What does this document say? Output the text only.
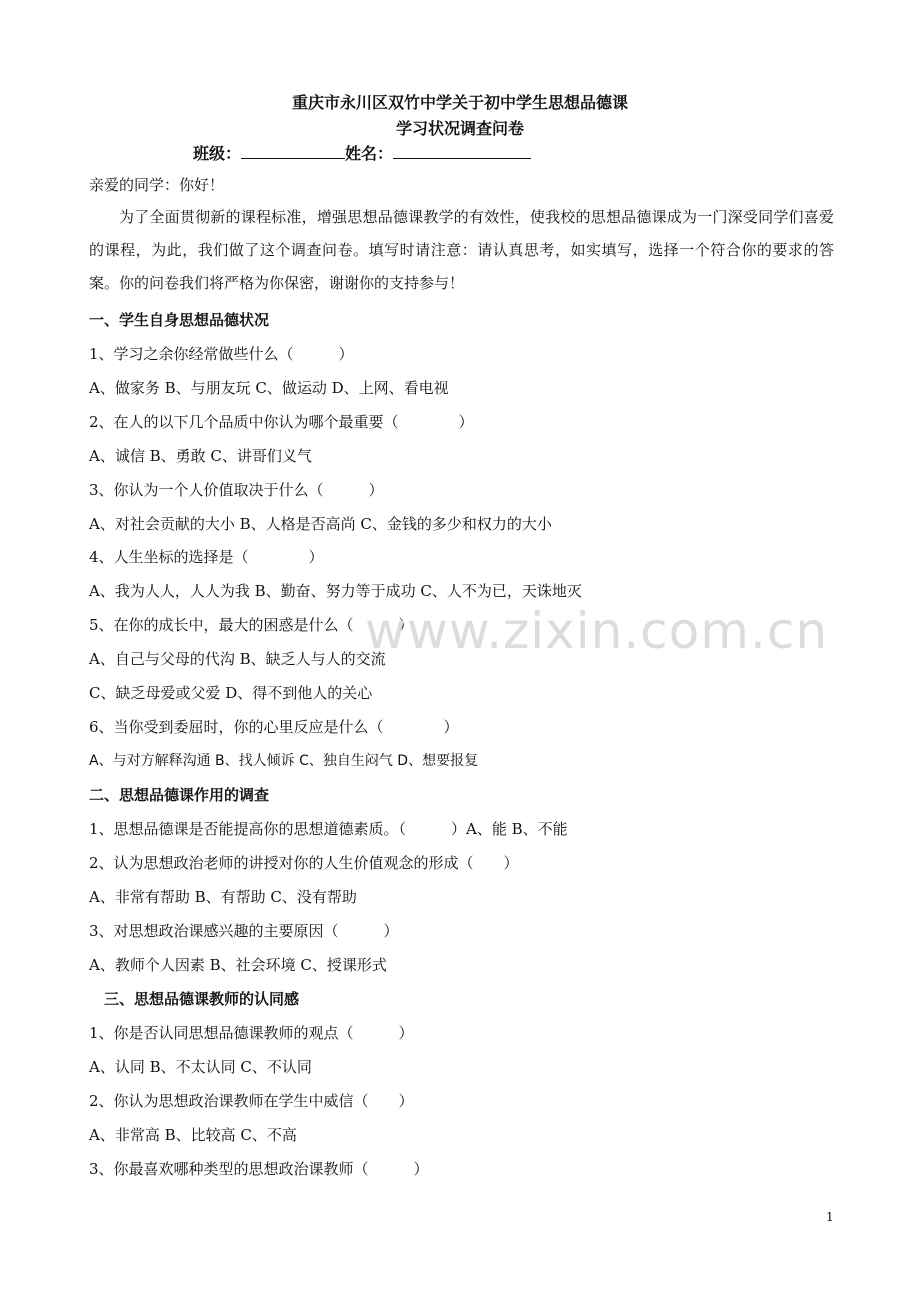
重庆市永川区双竹中学关于初中学生思想品德课
学习状况调查问卷
班级：	姓名：
亲爱的同学：你好！
为了全面贯彻新的课程标准，增强思想品德课教学的有效性，使我校的思想品德课成为一门深受同学们喜爱的课程，为此，我们做了这个调查问卷。填写时请注意：请认真思考，如实填写，选择一个符合你的要求的答案。你的问卷我们将严格为你保密，谢谢你的支持参与！
一、学生自身思想品德状况
1、学习之余你经常做些什么（　　　）
A、做家务 B、与朋友玩 C、做运动 D、上网、看电视
2、在人的以下几个品质中你认为哪个最重要（　　　　）
A、诚信 B、勇敢 C、讲哥们义气
3、你认为一个人价值取决于什么（　　　）
A、对社会贡献的大小 B、人格是否高尚 C、金钱的多少和权力的大小
4、人生坐标的选择是（　　　　）
A、我为人人，人人为我 B、勤奋、努力等于成功 C、人不为已，天诛地灭
5、在你的成长中，最大的困惑是什么（　　　）
A、自己与父母的代沟 B、缺乏人与人的交流
C、缺乏母爱或父爱 D、得不到他人的关心
6、当你受到委屈时，你的心里反应是什么（　　　　）
A、与对方解释沟通 B、找人倾诉 C、独自生闷气 D、想要报复
二、思想品德课作用的调查
1、思想品德课是否能提高你的思想道德素质。（　　　）A、能 B、不能
2、认为思想政治老师的讲授对你的人生价值观念的形成（　　）
A、非常有帮助 B、有帮助 C、没有帮助
3、对思想政治课感兴趣的主要原因（　　　）
A、教师个人因素 B、社会环境 C、授课形式
三、思想品德课教师的认同感
1、你是否认同思想品德课教师的观点（　　　）
A、认同 B、不太认同 C、不认同
2、你认为思想政治课教师在学生中威信（　　）
A、非常高 B、比较高 C、不高
3、你最喜欢哪种类型的思想政治课教师（　　　）
www.zixin.com.cn
1
